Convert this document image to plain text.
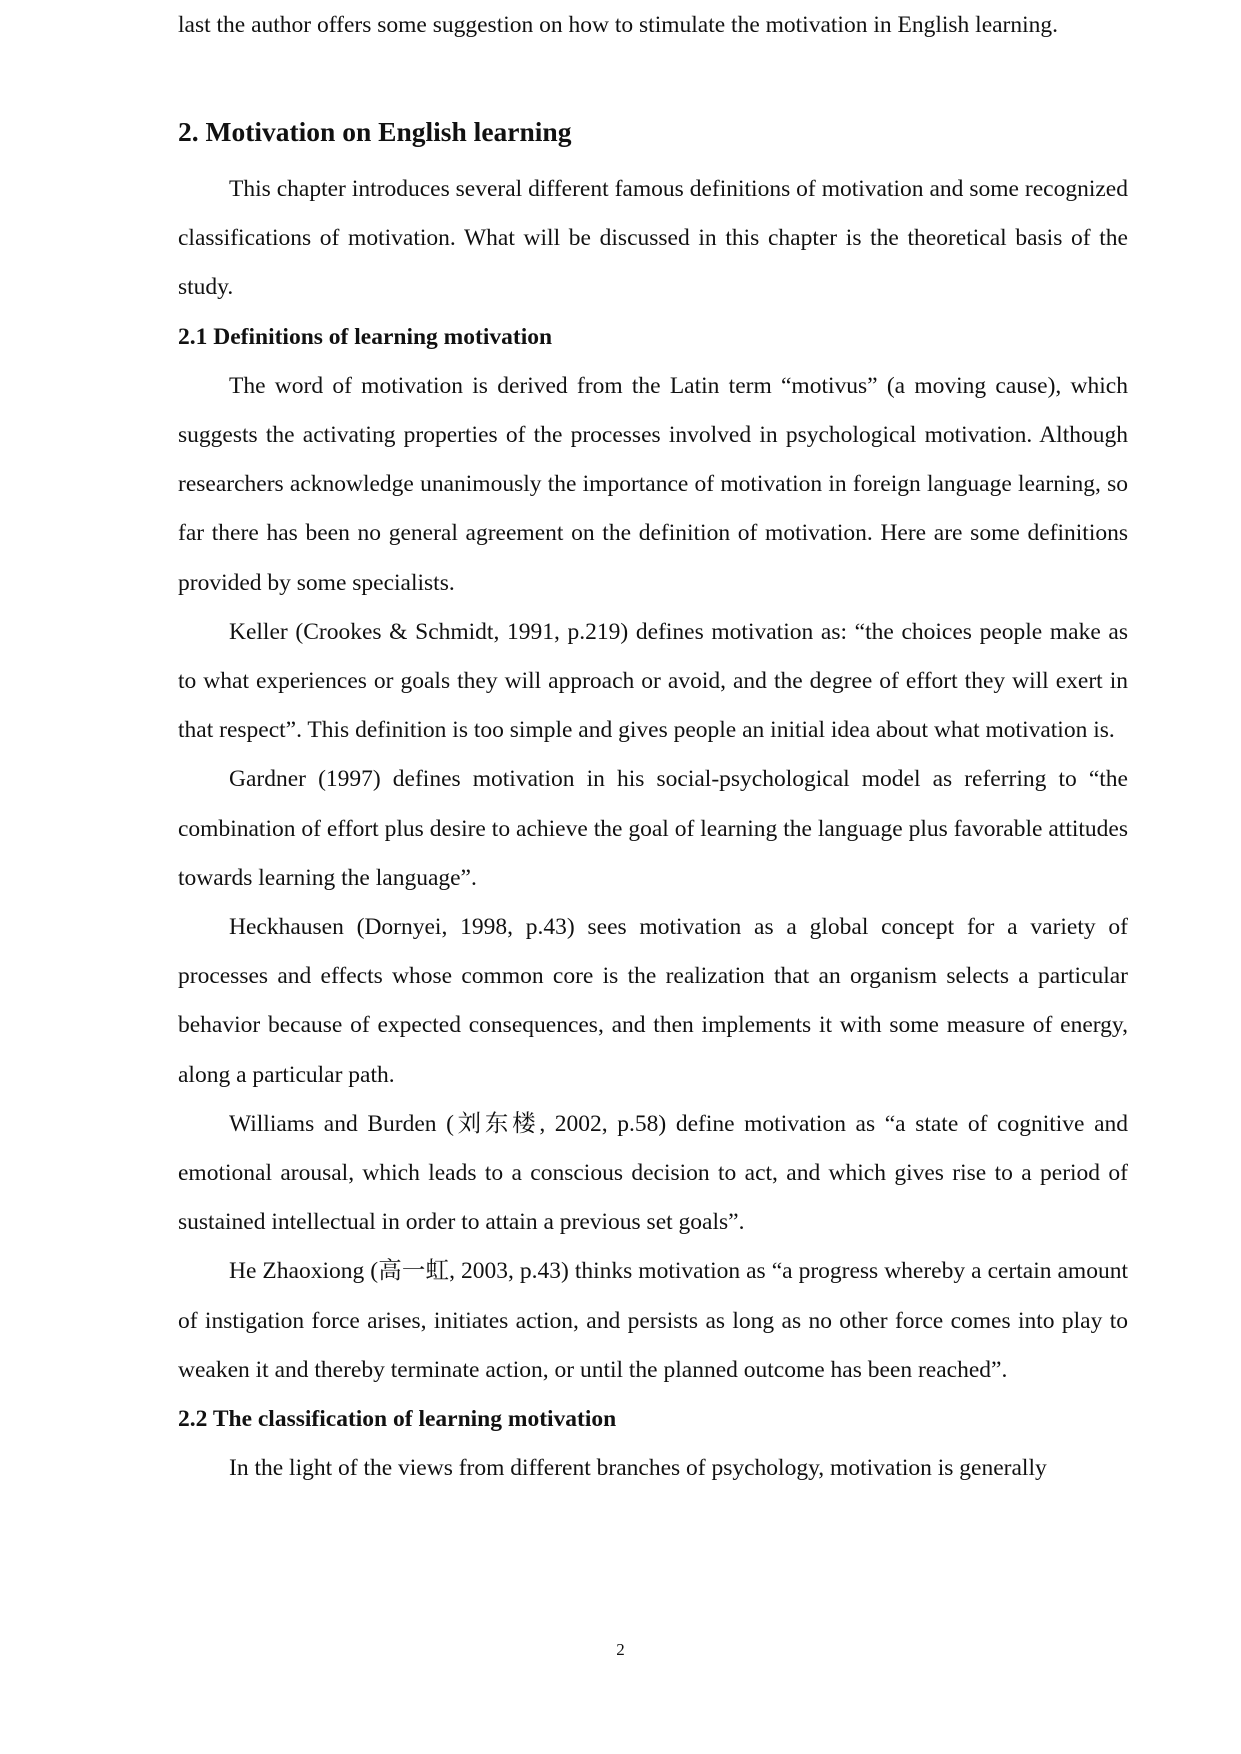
last the author offers some suggestion on how to stimulate the motivation in English learning.

2. Motivation on English learning

This chapter introduces several different famous definitions of motivation and some recognized classifications of motivation. What will be discussed in this chapter is the theoretical basis of the study.

2.1 Definitions of learning motivation

The word of motivation is derived from the Latin term “motivus” (a moving cause), which suggests the activating properties of the processes involved in psychological motivation. Although researchers acknowledge unanimously the importance of motivation in foreign language learning, so far there has been no general agreement on the definition of motivation. Here are some definitions provided by some specialists.

Keller (Crookes & Schmidt, 1991, p.219) defines motivation as: “the choices people make as to what experiences or goals they will approach or avoid, and the degree of effort they will exert in that respect”. This definition is too simple and gives people an initial idea about what motivation is.

Gardner (1997) defines motivation in his social-psychological model as referring to “the combination of effort plus desire to achieve the goal of learning the language plus favorable attitudes towards learning the language”.

Heckhausen (Dornyei, 1998, p.43) sees motivation as a global concept for a variety of processes and effects whose common core is the realization that an organism selects a particular behavior because of expected consequences, and then implements it with some measure of energy, along a particular path.

Williams and Burden (刘东楼, 2002, p.58) define motivation as “a state of cognitive and emotional arousal, which leads to a conscious decision to act, and which gives rise to a period of sustained intellectual in order to attain a previous set goals”.

He Zhaoxiong (高一虹, 2003, p.43) thinks motivation as “a progress whereby a certain amount of instigation force arises, initiates action, and persists as long as no other force comes into play to weaken it and thereby terminate action, or until the planned outcome has been reached”.

2.2 The classification of learning motivation

In the light of the views from different branches of psychology, motivation is generally

2
